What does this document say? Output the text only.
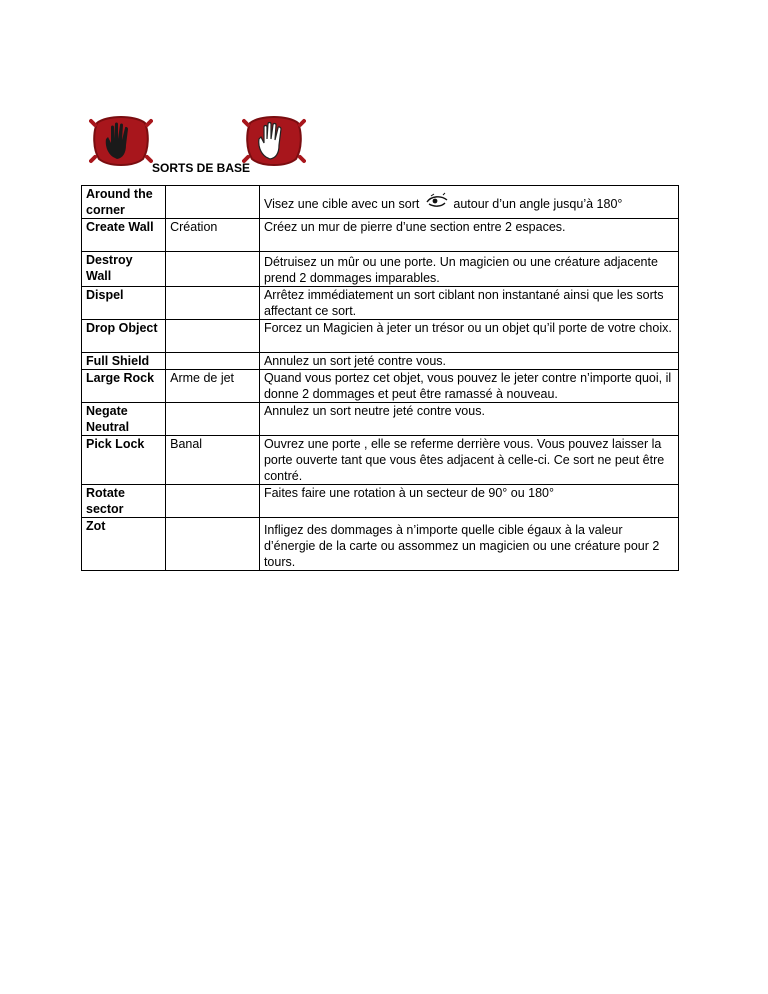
SORTS DE BASE
Around the corner		Visez une cible avec un sort autour d’un angle jusqu’à 180°

Create Wall	Création	Créez un mur de pierre d’une section entre 2 espaces.
Destroy Wall		Détruisez un mûr ou une porte. Un magicien ou une créature adjacente prend 2 dommages imparables.

Dispel		Arrêtez immédiatement un sort ciblant non instantané ainsi que les sorts affectant ce sort.
Drop Object		Forcez un Magicien à jeter un trésor ou un objet qu’il porte de votre choix.
Full Shield		Annulez un sort jeté contre vous.
Large Rock	Arme de jet	Quand vous portez cet objet, vous pouvez le jeter contre n’importe quoi, il donne 2 dommages et peut être ramassé à nouveau.
Negate Neutral		Annulez un sort neutre jeté contre vous.
Pick Lock	Banal	Ouvrez une porte , elle se referme derrière vous. Vous pouvez laisser la porte ouverte tant que vous êtes adjacent à celle-ci. Ce sort ne peut être contré.
Rotate sector		Faites faire une rotation à un secteur de 90° ou 180°
Zot		Infligez des dommages à n’importe quelle cible égaux à la valeur d’énergie de la carte ou assommez un magicien ou une créature pour 2 tours.
